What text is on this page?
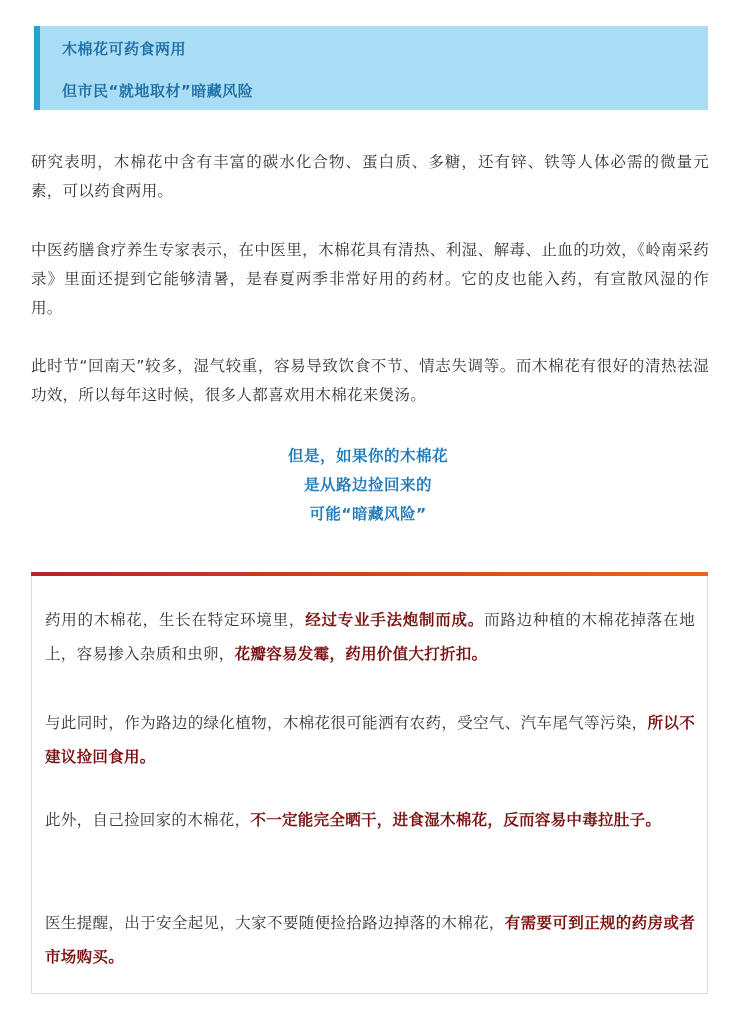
木棉花可药食两用
但市民“就地取材”暗藏风险

研究表明，木棉花中含有丰富的碳水化合物、蛋白质、多糖，还有锌、铁等人体必需的微量元素，可以药食两用。

中医药膳食疗养生专家表示，在中医里，木棉花具有清热、利湿、解毒、止血的功效，《岭南采药录》里面还提到它能够清暑，是春夏两季非常好用的药材。它的皮也能入药，有宣散风湿的作用。

此时节“回南天”较多，湿气较重，容易导致饮食不节、情志失调等。而木棉花有很好的清热祛湿功效，所以每年这时候，很多人都喜欢用木棉花来煲汤。

但是，如果你的木棉花
是从路边捡回来的
可能“暗藏风险”

药用的木棉花，生长在特定环境里，经过专业手法炮制而成。而路边种植的木棉花掉落在地上，容易掺入杂质和虫卵，花瓣容易发霉，药用价值大打折扣。

与此同时，作为路边的绿化植物，木棉花很可能洒有农药，受空气、汽车尾气等污染，所以不建议捡回食用。

此外，自己捡回家的木棉花，不一定能完全晒干，进食湿木棉花，反而容易中毒拉肚子。

医生提醒，出于安全起见，大家不要随便捡拾路边掉落的木棉花，有需要可到正规的药房或者市场购买。
